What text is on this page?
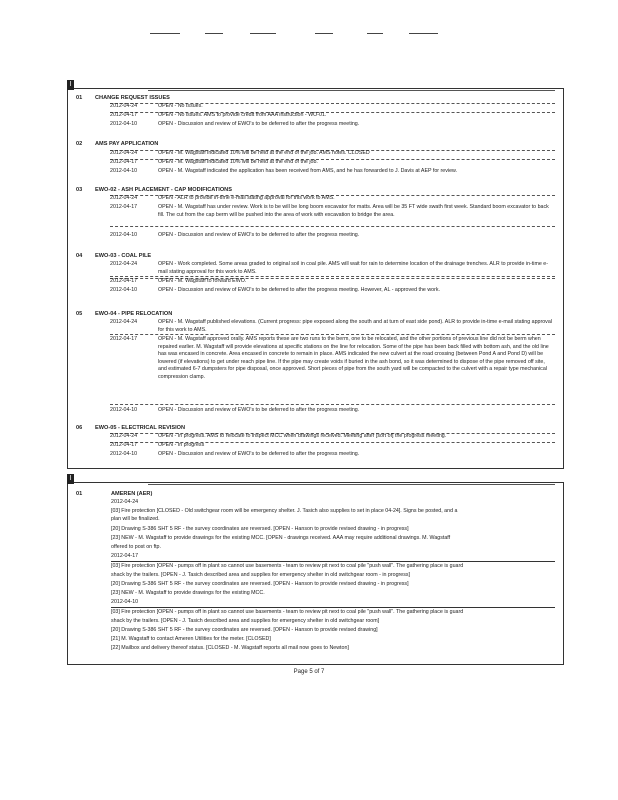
I
01 CHANGE REQUEST ISSUES
2012-04-24	OPEN - No Issues.
2012-04-17	OPEN - No issues. AMS to provide credit from AAA instruction - WO-01.
2012-04-10	OPEN - Discussion and review of EWO's to be deferred to after the progress meeting.
02 AMS PAY APPLICATION
2012-04-24	OPEN - M. Wagstaff indicated 10% will be held at the end of the job. AMS notes. CLOSED
2012-04-17	OPEN - M. Wagstaff indicated 10% will be held at the end of the job.
2012-04-10	OPEN - M. Wagstaff indicated the application has been received from AMS, and he has forwarded to J. Davis at AEP for review.
03 EWO-02 - ASH PLACEMENT - CAP MODIFICATIONS
2012-04-24	OPEN - ALR to provide in-time e-mail stating approval for this work to AMS.
2012-04-17	OPEN - M. Wagstaff has under review. Work is to be will be long boom excavator for matts. Area will be 35 FT wide swath first week. Standard boom excavator to back fill. The cut from the cap berm will be pushed into the area of work with excavation to bridge the area.
2012-04-10	OPEN - Discussion and review of EWO's to be deferred to after the progress meeting.
04 EWO-03 - COAL PILE
2012-04-24	OPEN - Work completed. Some areas graded to original soil in coal pile. AMS will wait for rain to determine location of the drainage trenches. ALR to provide in-time e-mail stating approval for this work to AMS.
2012-04-17	OPEN - M. Wagstaff to forward EWO.
2012-04-10	OPEN - Discussion and review of EWO's to be deferred to after the progress meeting. However, AL - approved the work.
05 EWO-04 - PIPE RELOCATION
2012-04-24	OPEN - M. Wagstaff published elevations. (Current progress: pipe exposed along the south and at turn of east side pond). ALR to provide in-time e-mail stating approval for this work to AMS.
2012-04-17	OPEN - M. Wagstaff approved orally. AMS reports these are two runs to the berm, one to be relocated, and the other portions of previous line did not be berm when repaired earlier. M. Wagstaff will provide elevations at specific stations on the line for relocation. Some of the pipe has been back filled with bottom ash, and the old line has was encased in concrete. Area encased in concrete to remain in place. AMS indicated the new culvert at the road crossing (between Pond A and Pond D) will be lowered (if elevations) to get under reach pipe line. If the pipe may create voids if buried in the ash bond, so it was determined to dispose of the pipe removed off site, and estimated 6-7 dumpsters for pipe disposal, once approved. Short pieces of pipe from the south yard will be compacted to the culvert with a repair type mechanical compression clamp.
2012-04-10	OPEN - Discussion and review of EWO's to be deferred to after the progress meeting.
06 EWO-05 - ELECTRICAL REVISION
2012-04-24	OPEN - In progress. AMS to relocate to inspect MCC when drawings received. Meeting after [sort of] the progress meeting.
2012-04-17	OPEN - In progress
2012-04-10	OPEN - Discussion and review of EWO's to be deferred to after the progress meeting.
I
01	AMEREN (AER)
2012-04-24
[03] Fire protection [CLOSED - Old switchgear room will be emergency shelter. J. Tasich also supplies to set in place 04-24]. Signs be posted, and a
plan will be finalized.
[20] Drawing S-386 SHT 5 RF - the survey coordinates are reversed. [OPEN - Hanson to provide revised drawing - in progress]
[23] NEW - M. Wagstaff to provide drawings for the existing MCC. [OPEN - drawings received. AAA may require additional drawings. M. Wagstaff
offered to post on ftp.
2012-04-17
[03] Fire protection [OPEN - pumps off in plant so cannot use basements - team to review pit next to coal pile "push wall". The gathering place is guard
shack by the trailers. [OPEN - J. Tasich described area and supplies for emergency shelter in old switchgear room - in progress]
[20] Drawing S-386 SHT 5 RF - the survey coordinates are reversed. [OPEN - Hanson to provide revised drawing - in progress]
[23] NEW - M. Wagstaff to provide drawings for the existing MCC.
2012-04-10
[03] Fire protection [OPEN - pumps off in plant so cannot use basements - team to review pit next to coal pile "push wall". The gathering place is guard
shack by the trailers. [OPEN - J. Tasich described area and supplies for emergency shelter in old switchgear room]
[20] Drawing S-386 SHT 5 RF - the survey coordinates are reversed. [OPEN - Hanson to provide revised drawing]
[21] M. Wagstaff to contact Ameren Utilities for the meter. [CLOSED]
[22] Mailbox and delivery thereof status. [CLOSED - M. Wagstaff reports all mail now goes to Newton]
Page 5 of 7
